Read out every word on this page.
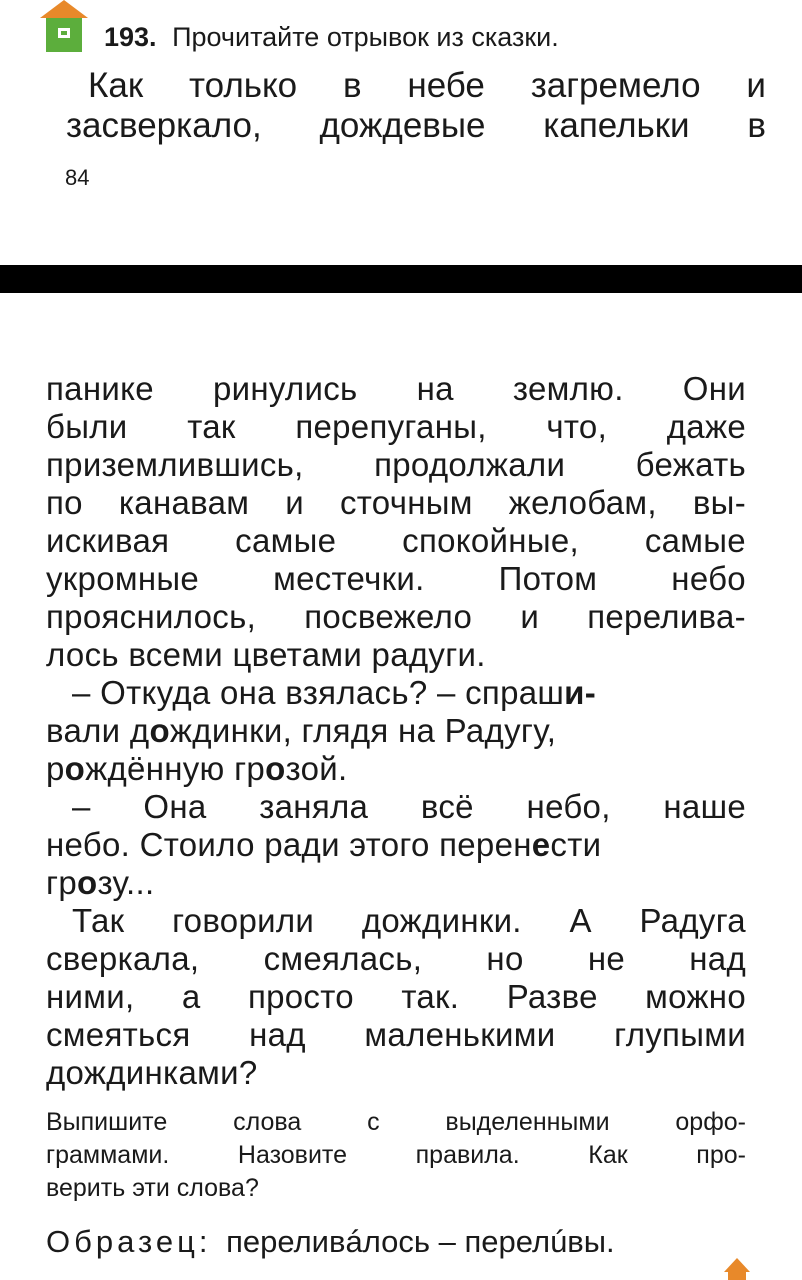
193. Прочитайте отрывок из сказки.
Как только в небе загремело и
засверкало, дождевые капельки в
84
панике ринулись на землю. Они
были так перепуганы, что, даже
приземлившись, продолжали бежать
по канавам и сточным желобам, вы-
искивая самые спокойные, самые
укромные местечки. Потом небо
прояснилось, посвежело и перелива-
лось всеми цветами радуги.
– Откуда она взялась? – спраши-
вали дождинки, глядя на Радугу,
рождённую грозой.
– Она заняла всё небо, наше
небо. Стоило ради этого перенести
грозу...
Так говорили дождинки. А Радуга
сверкала, смеялась, но не над
ними, а просто так. Разве можно
смеяться над маленькими глупыми
дождинками?
Выпишите	слова	с	выделенными	орфо-
граммами.	Назовите	правила.	Как	про-
верить эти слова?
Образец: переливáлось – перелúвы.
